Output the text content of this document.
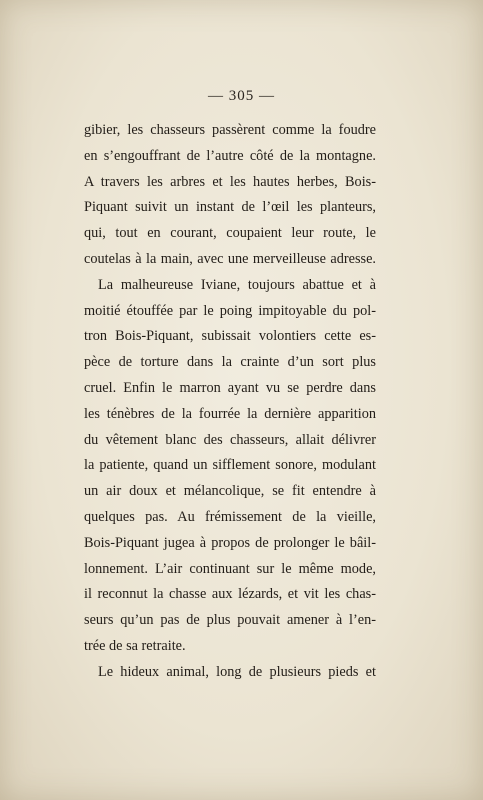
— 305 —
gibier, les chasseurs passèrent comme la foudre
en s’engouffrant de l’autre côté de la montagne.
A travers les arbres et les hautes herbes, Bois-
Piquant suivit un instant de l’œil les planteurs,
qui, tout en courant, coupaient leur route, le
coutelas à la main, avec une merveilleuse adresse.
La malheureuse Iviane, toujours abattue et à
moitié étouffée par le poing impitoyable du pol-
tron Bois-Piquant, subissait volontiers cette es-
pèce de torture dans la crainte d’un sort plus
cruel. Enfin le marron ayant vu se perdre dans
les ténèbres de la fourrée la dernière apparition
du vêtement blanc des chasseurs, allait délivrer
la patiente, quand un sifflement sonore, modulant
un air doux et mélancolique, se fit entendre à
quelques pas. Au frémissement de la vieille,
Bois-Piquant jugea à propos de prolonger le bâil-
lonnement. L’air continuant sur le même mode,
il reconnut la chasse aux lézards, et vit les chas-
seurs qu’un pas de plus pouvait amener à l’en-
trée de sa retraite.
Le hideux animal, long de plusieurs pieds et
